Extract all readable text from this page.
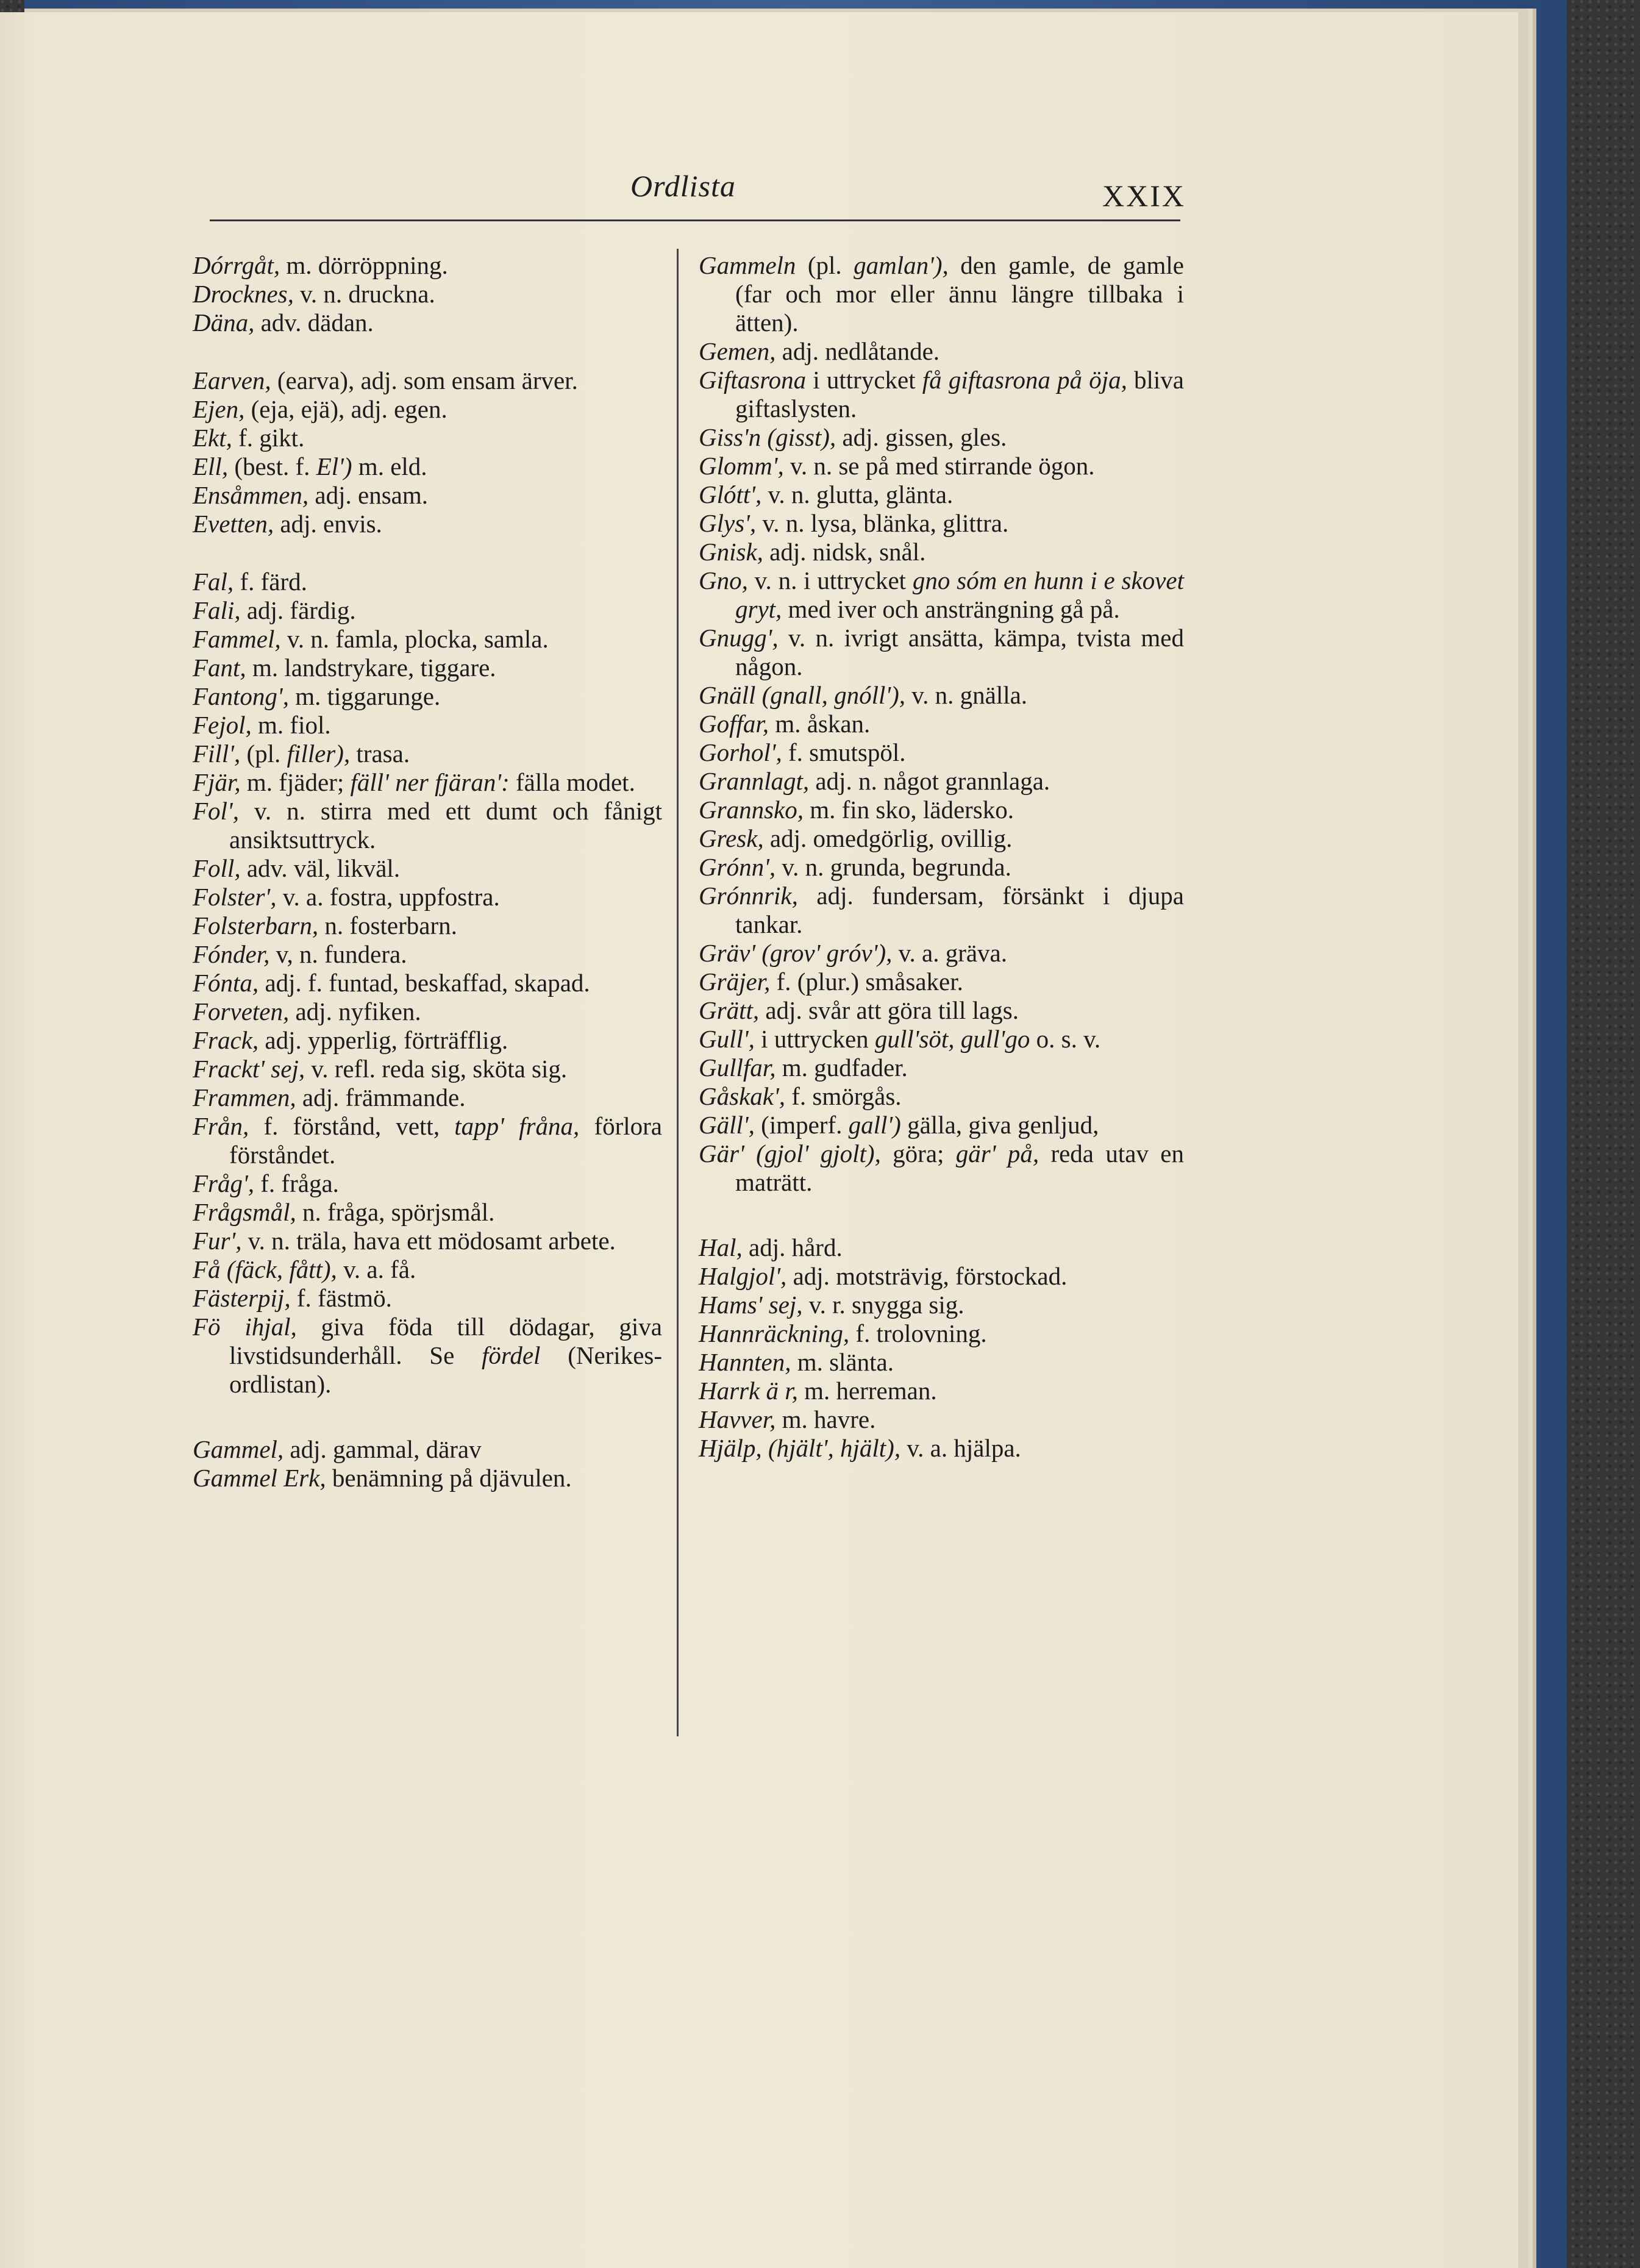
Ordlista	XXIX

Dórrgåt, m. dörröppning.

Drocknes, v. n. druckna.

Däna, adv. dädan.

Earven, (earva), adj. som ensam ärver.

Ejen, (eja, ejä), adj. egen.

Ekt, f. gikt.

Ell, (best. f. El') m. eld.

Ensåmmen, adj. ensam.

Evetten, adj. envis.

Fal, f. färd.

Fali, adj. färdig.

Fammel, v. n. famla, plocka, samla.

Fant, m. landstrykare, tiggare.

Fantong', m. tiggarunge.

Fejol, m. fiol.

Fill', (pl. filler), trasa.

Fjär, m. fjäder; fäll' ner fjäran': fälla modet.

Fol', v. n. stirra med ett dumt och fånigt ansiktsuttryck.

Foll, adv. väl, likväl.

Folster', v. a. fostra, uppfostra.

Folsterbarn, n. fosterbarn.

Fónder, v, n. fundera.

Fónta, adj. f. funtad, beskaffad, skapad.

Forveten, adj. nyfiken.

Frack, adj. ypperlig, förträfflig.

Frackt' sej, v. refl. reda sig, sköta sig.

Frammen, adj. främmande.

Från, f. förstånd, vett, tapp' fråna, förlora förståndet.

Fråg', f. fråga.

Frågsmål, n. fråga, spörjsmål.

Fur', v. n. träla, hava ett mödosamt arbete.

Få (fäck, fått), v. a. få.

Fästerpij, f. fästmö.

Fö ihjal, giva föda till dödagar, giva livstidsunderhåll. Se fördel (Nerikes-ordlistan).

Gammel, adj. gammal, därav

Gammel Erk, benämning på djävulen.

Gammeln (pl. gamlan'), den gamle, de gamle (far och mor eller ännu längre tillbaka i ätten).

Gemen, adj. nedlåtande.

Giftasrona i uttrycket få giftasrona på öja, bliva giftaslysten.

Giss'n (gisst), adj. gissen, gles.

Glomm', v. n. se på med stirrande ögon.

Glótt', v. n. glutta, glänta.

Glys', v. n. lysa, blänka, glittra.

Gnisk, adj. nidsk, snål.

Gno, v. n. i uttrycket gno sóm en hunn i e skovet gryt, med iver och ansträngning gå på.

Gnugg', v. n. ivrigt ansätta, kämpa, tvista med någon.

Gnäll (gnall, gnóll'), v. n. gnälla.

Goffar, m. åskan.

Gorhol', f. smutspöl.

Grannlagt, adj. n. något grannlaga.

Grannsko, m. fin sko, lädersko.

Gresk, adj. omedgörlig, ovillig.

Grónn', v. n. grunda, begrunda.

Grónnrik, adj. fundersam, försänkt i djupa tankar.

Gräv' (grov' gróv'), v. a. gräva.

Gräjer, f. (plur.) småsaker.

Grätt, adj. svår att göra till lags.

Gull', i uttrycken gull'söt, gull'go o. s. v.

Gullfar, m. gudfader.

Gåskak', f. smörgås.

Gäll', (imperf. gall') gälla, giva genljud,

Gär' (gjol' gjolt), göra; gär' på, reda utav en maträtt.

Hal, adj. hård.

Halgjol', adj. motsträvig, förstockad.

Hams' sej, v. r. snygga sig.

Hannräckning, f. trolovning.

Hannten, m. slänta.

Harrk ä r, m. herreman.

Havver, m. havre.

Hjälp, (hjält', hjält), v. a. hjälpa.
